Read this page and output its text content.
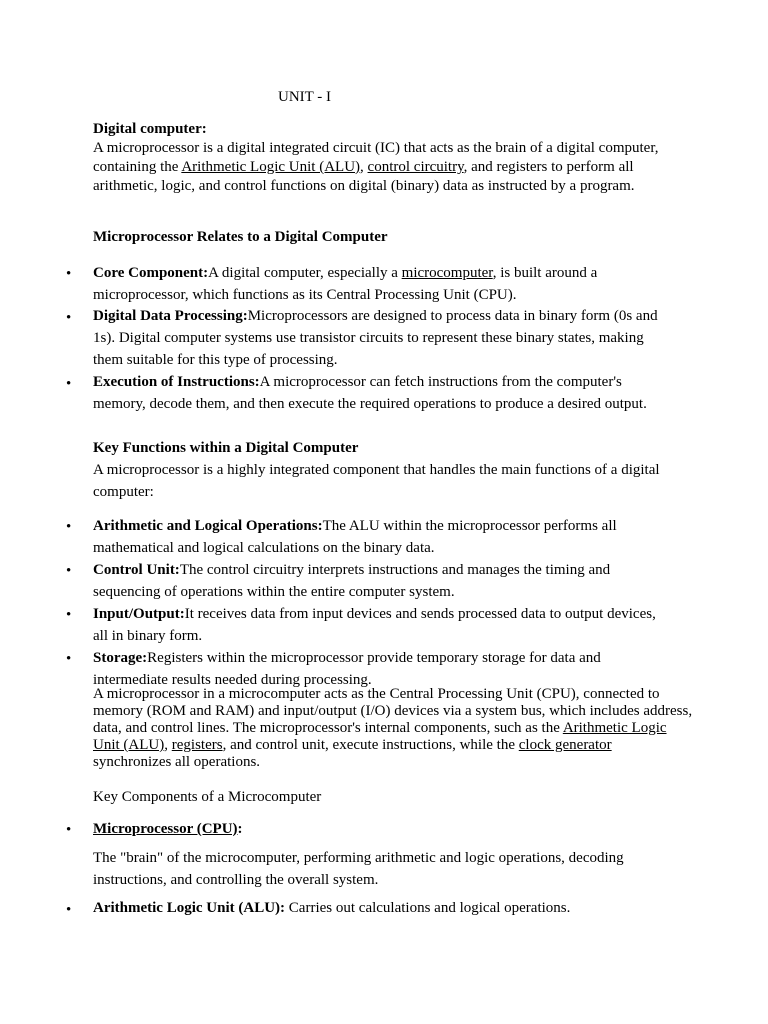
UNIT - I
Digital computer:
A microprocessor is a digital integrated circuit (IC) that acts as the brain of a digital computer, containing the Arithmetic Logic Unit (ALU), control circuitry, and registers to perform all arithmetic, logic, and control functions on digital (binary) data as instructed by a program.
Microprocessor Relates to a Digital Computer
• Core Component:A digital computer, especially a microcomputer, is built around a microprocessor, which functions as its Central Processing Unit (CPU).
• Digital Data Processing:Microprocessors are designed to process data in binary form (0s and 1s). Digital computer systems use transistor circuits to represent these binary states, making them suitable for this type of processing.
• Execution of Instructions:A microprocessor can fetch instructions from the computer's memory, decode them, and then execute the required operations to produce a desired output.
Key Functions within a Digital Computer
A microprocessor is a highly integrated component that handles the main functions of a digital computer:
• Arithmetic and Logical Operations:The ALU within the microprocessor performs all mathematical and logical calculations on the binary data.
• Control Unit:The control circuitry interprets instructions and manages the timing and sequencing of operations within the entire computer system.
• Input/Output:It receives data from input devices and sends processed data to output devices, all in binary form.
• Storage:Registers within the microprocessor provide temporary storage for data and intermediate results needed during processing.
A microprocessor in a microcomputer acts as the Central Processing Unit (CPU), connected to memory (ROM and RAM) and input/output (I/O) devices via a system bus, which includes address, data, and control lines. The microprocessor's internal components, such as the Arithmetic Logic Unit (ALU), registers, and control unit, execute instructions, while the clock generator synchronizes all operations.
Key Components of a Microcomputer
• Microprocessor (CPU):
The "brain" of the microcomputer, performing arithmetic and logic operations, decoding instructions, and controlling the overall system.
• Arithmetic Logic Unit (ALU): Carries out calculations and logical operations.
